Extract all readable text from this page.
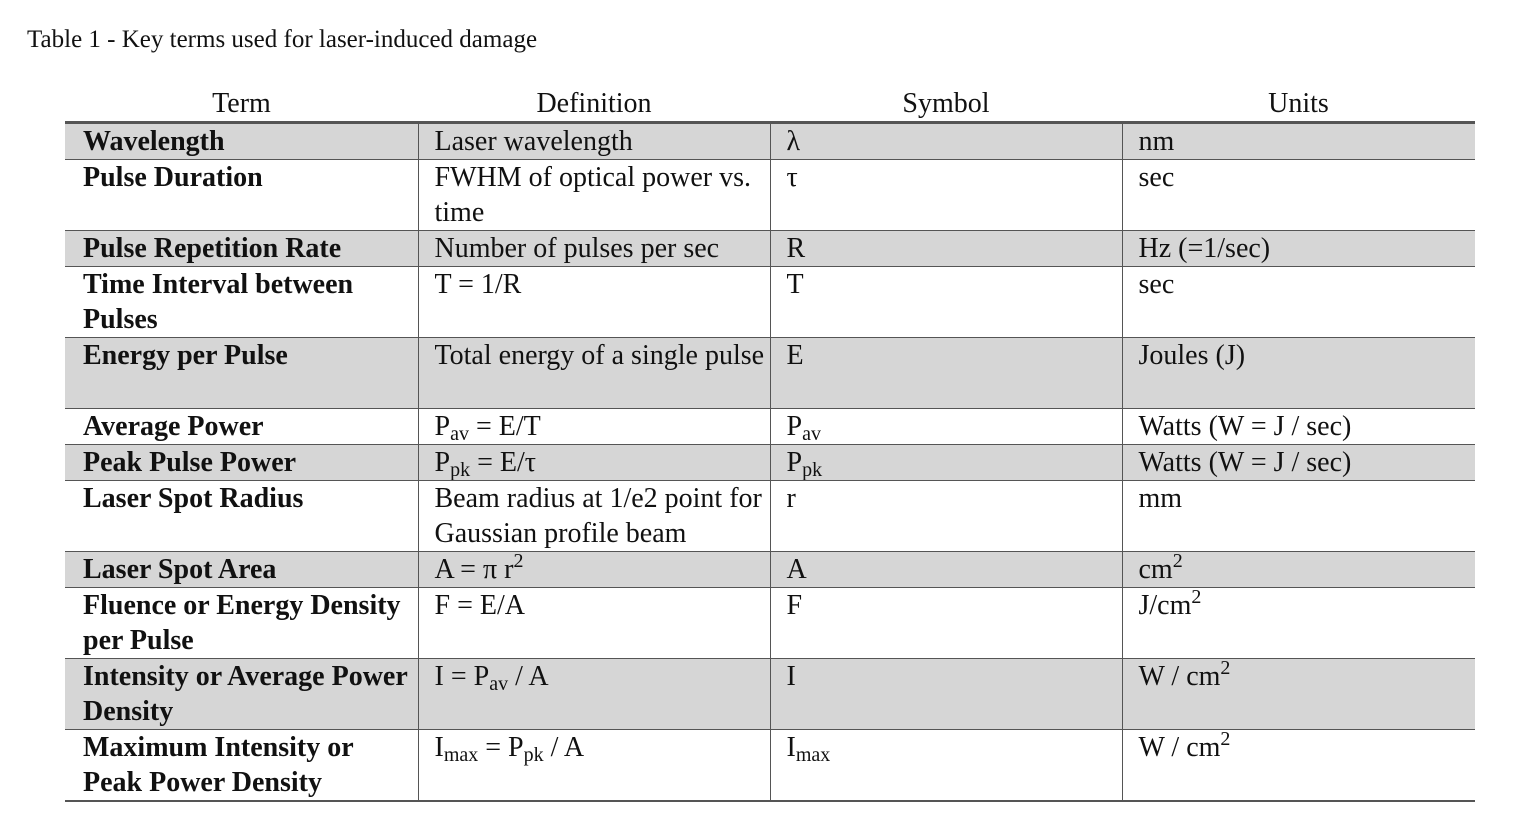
Table 1 - Key terms used for laser-induced damage
Term	Definition	Symbol	Units
Wavelength	Laser wavelength	λ	nm
Pulse Duration	FWHM of optical power vs. time	τ	sec
Pulse Repetition Rate	Number of pulses per sec	R	Hz (=1/sec)
Time Interval between Pulses	T = 1/R	T	sec
Energy per Pulse	Total energy of a single pulse	E	Joules (J)
Average Power	$P_{av} = E/T$	$P_{av}$	Watts (W = J / sec)
Peak Pulse Power	$P_{pk} = E/\tau$	$P_{pk}$	Watts (W = J / sec)
Laser Spot Radius	Beam radius at 1/e2 point for Gaussian profile beam	r	mm
Laser Spot Area	A = π $r^2$	A	$cm^2$
Fluence or Energy Density per Pulse	F = E/A	F	$J/cm^2$
Intensity or Average Power Density	$I = P_{av} / A$	I	W / $cm^2$
Maximum Intensity or Peak Power Density	$I_{max} = P_{pk} / A$	$I_{max}$	W / $cm^2$
